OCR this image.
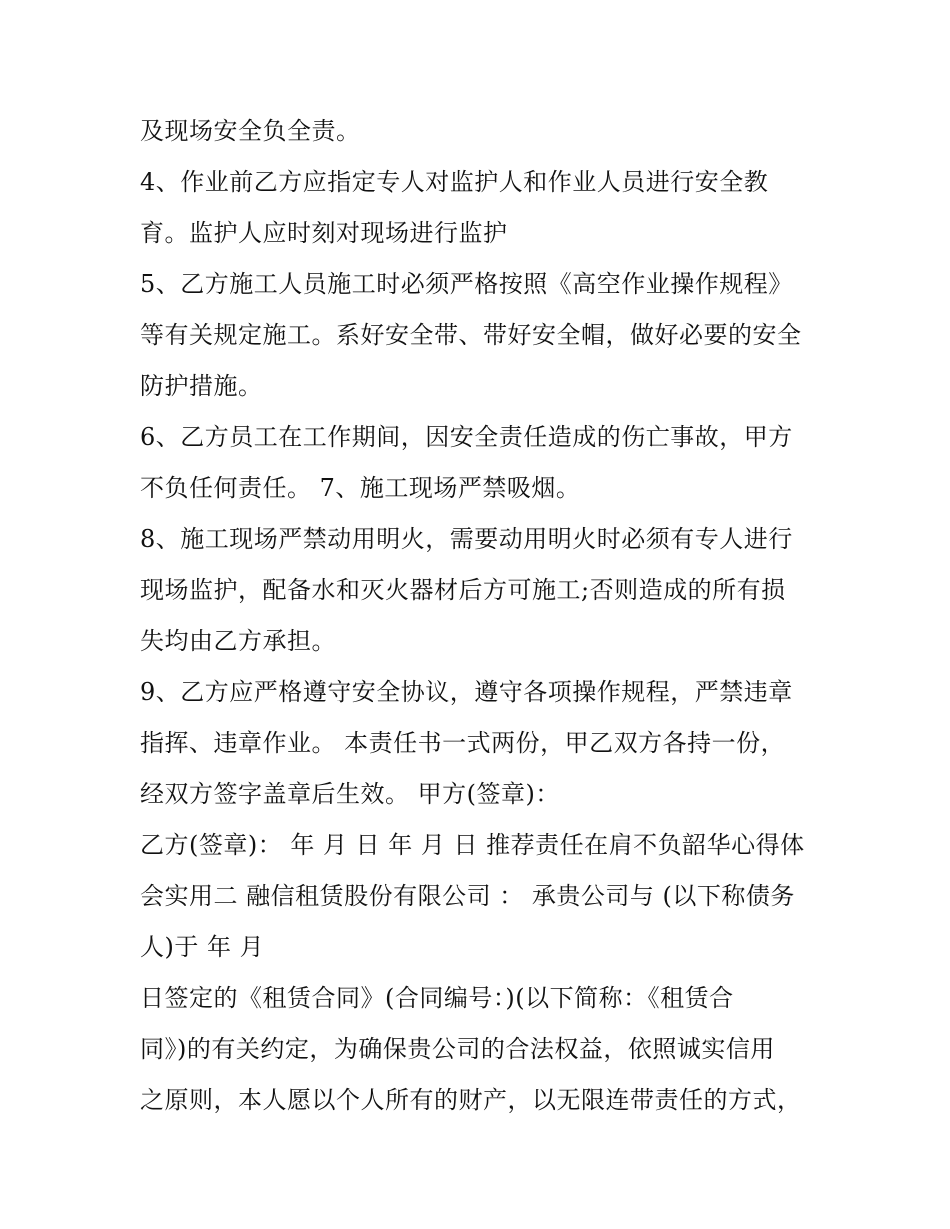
及现场安全负全责。
4、作业前乙方应指定专人对监护人和作业人员进行安全教
育。监护人应时刻对现场进行监护
5、乙方施工人员施工时必须严格按照《高空作业操作规程》
等有关规定施工。系好安全带、带好安全帽，做好必要的安全
防护措施。
6、乙方员工在工作期间，因安全责任造成的伤亡事故，甲方
不负任何责任。 7、施工现场严禁吸烟。
8、施工现场严禁动用明火，需要动用明火时必须有专人进行
现场监护，配备水和灭火器材后方可施工;否则造成的所有损
失均由乙方承担。
9、乙方应严格遵守安全协议，遵守各项操作规程，严禁违章
指挥、违章作业。 本责任书一式两份，甲乙双方各持一份，
经双方签字盖章后生效。 甲方(签章)：
乙方(签章)： 年 月 日 年 月 日 推荐责任在肩不负韶华心得体
会实用二 融信租赁股份有限公司 ： 承贵公司与 (以下称债务
人)于 年 月
日签定的《租赁合同》(合同编号：)(以下简称：《租赁合
同》)的有关约定，为确保贵公司的合法权益，依照诚实信用
之原则，本人愿以个人所有的财产，以无限连带责任的方式，
